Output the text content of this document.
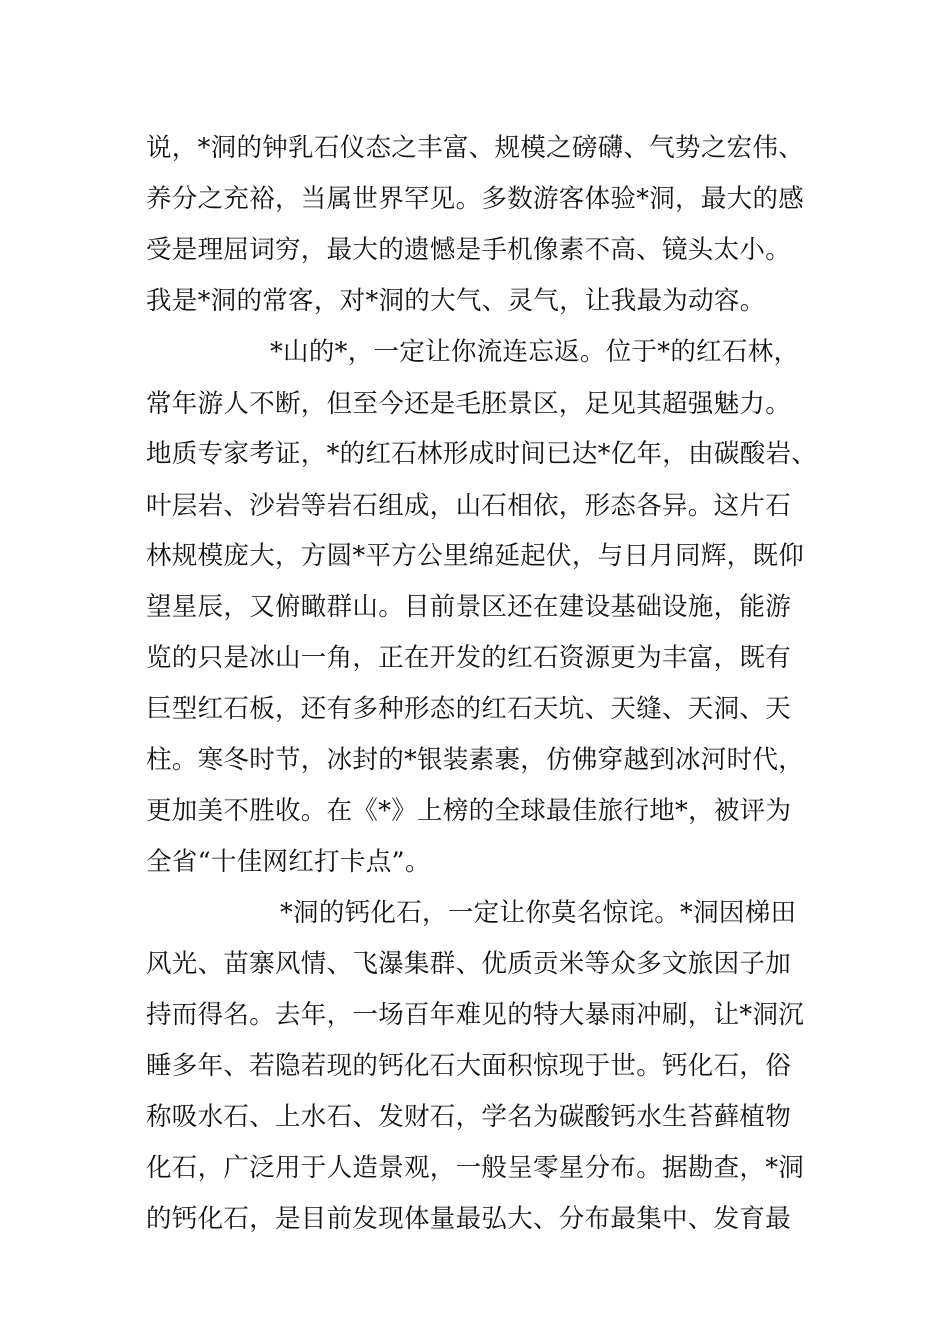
说，*洞的钟乳石仪态之丰富、规模之磅礴、气势之宏伟、
养分之充裕，当属世界罕见。多数游客体验*洞，最大的感
受是理屈词穷，最大的遗憾是手机像素不高、镜头太小。
我是*洞的常客，对*洞的大气、灵气，让我最为动容。
*山的*，一定让你流连忘返。位于*的红石林，
常年游人不断，但至今还是毛胚景区，足见其超强魅力。
地质专家考证，*的红石林形成时间已达*亿年，由碳酸岩、
叶层岩、沙岩等岩石组成，山石相依，形态各异。这片石
林规模庞大，方圆*平方公里绵延起伏，与日月同辉，既仰
望星辰，又俯瞰群山。目前景区还在建设基础设施，能游
览的只是冰山一角，正在开发的红石资源更为丰富，既有
巨型红石板，还有多种形态的红石天坑、天缝、天洞、天
柱。寒冬时节，冰封的*银装素裹，仿佛穿越到冰河时代，
更加美不胜收。在《*》上榜的全球最佳旅行地*，被评为
全省“十佳网红打卡点”。
*洞的钙化石，一定让你莫名惊诧。*洞因梯田
风光、苗寨风情、飞瀑集群、优质贡米等众多文旅因子加
持而得名。去年，一场百年难见的特大暴雨冲刷，让*洞沉
睡多年、若隐若现的钙化石大面积惊现于世。钙化石，俗
称吸水石、上水石、发财石，学名为碳酸钙水生苔藓植物
化石，广泛用于人造景观，一般呈零星分布。据勘查，*洞
的钙化石，是目前发现体量最弘大、分布最集中、发育最
